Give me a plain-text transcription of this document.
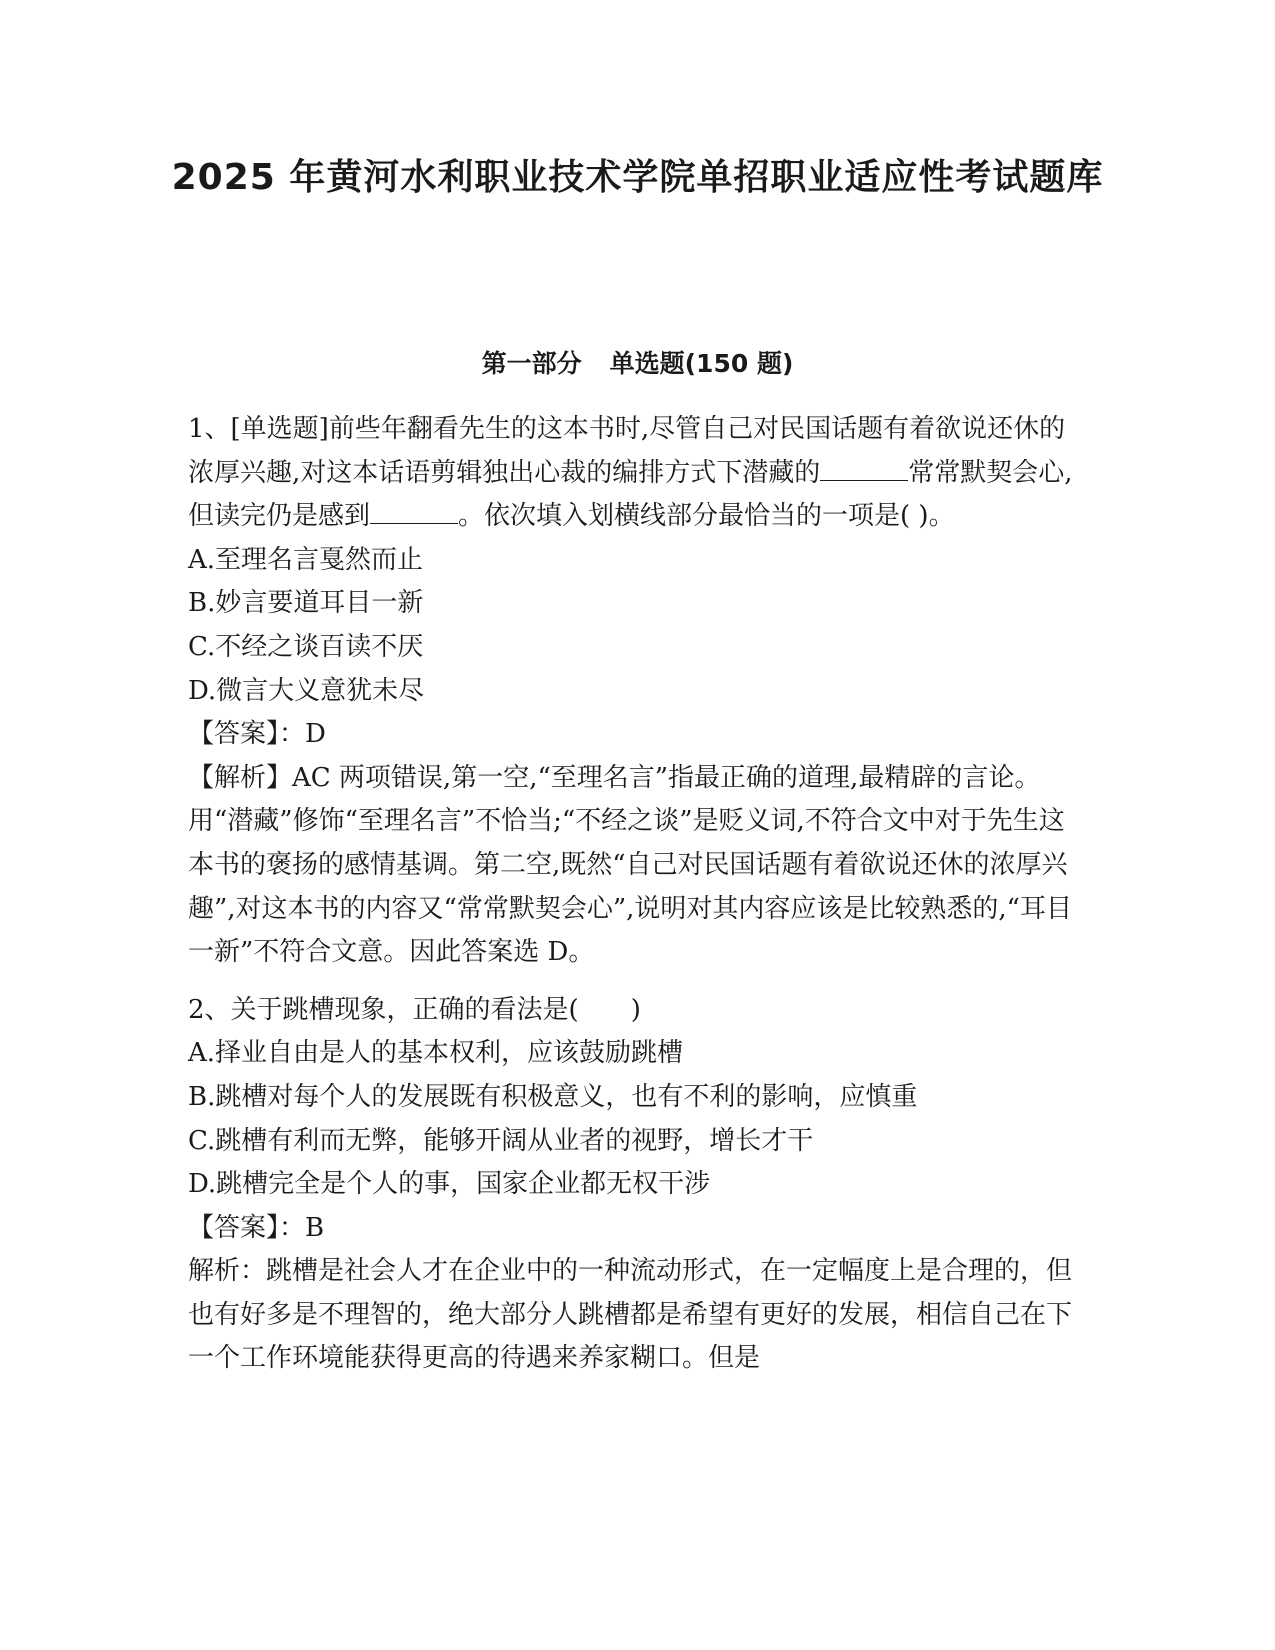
2025 年黄河水利职业技术学院单招职业适应性考试题库
第一部分 单选题(150 题)

1、[单选题]前些年翻看先生的这本书时,尽管自己对民国话题有着欲说还休的浓厚兴趣,对这本话语剪辑独出心裁的编排方式下潜藏的	常常默契会心,但读完仍是感到	。依次填入划横线部分最恰当的一项是( )。

A.至理名言戛然而止

B.妙言要道耳目一新

C.不经之谈百读不厌

D.微言大义意犹未尽

【答案】：D

【解析】AC 两项错误,第一空,“至理名言”指最正确的道理,最精辟的言论。用“潜藏”修饰“至理名言”不恰当;“不经之谈”是贬义词,不符合文中对于先生这本书的褒扬的感情基调。第二空,既然“自己对民国话题有着欲说还休的浓厚兴趣”,对这本书的内容又“常常默契会心”,说明对其内容应该是比较熟悉的,“耳目一新”不符合文意。因此答案选 D。

2、关于跳槽现象，正确的看法是( )

A.择业自由是人的基本权利，应该鼓励跳槽

B.跳槽对每个人的发展既有积极意义，也有不利的影响，应慎重

C.跳槽有利而无弊，能够开阔从业者的视野，增长才干

D.跳槽完全是个人的事，国家企业都无权干涉

【答案】：B

解析：跳槽是社会人才在企业中的一种流动形式，在一定幅度上是合理的，但也有好多是不理智的，绝大部分人跳槽都是希望有更好的发展，相信自己在下一个工作环境能获得更高的待遇来养家糊口。但是
